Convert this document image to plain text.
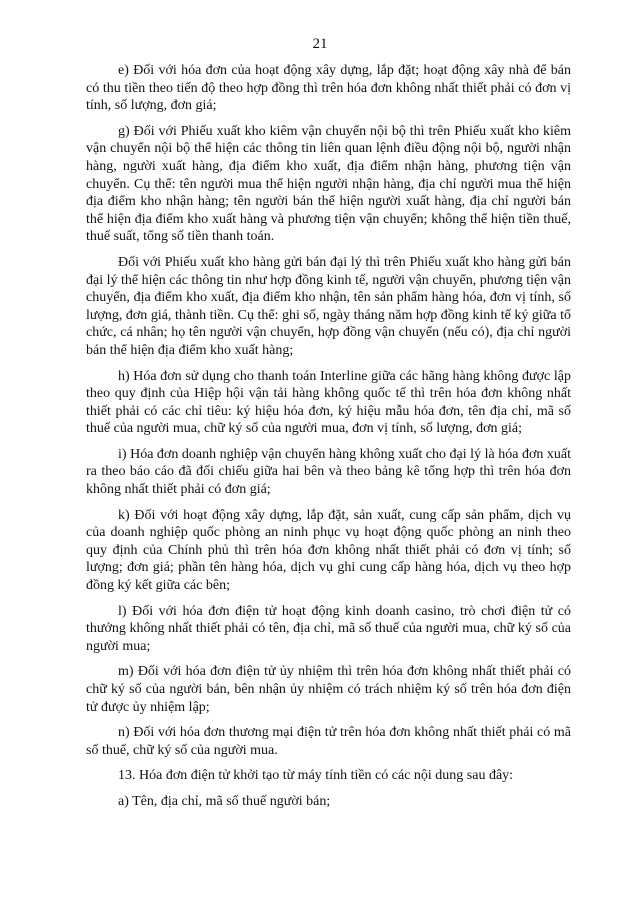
21

e) Đối với hóa đơn của hoạt động xây dựng, lắp đặt; hoạt động xây nhà để bán có thu tiền theo tiến độ theo hợp đồng thì trên hóa đơn không nhất thiết phải có đơn vị tính, số lượng, đơn giá;

g) Đối với Phiếu xuất kho kiêm vận chuyển nội bộ thì trên Phiếu xuất kho kiêm vận chuyển nội bộ thể hiện các thông tin liên quan lệnh điều động nội bộ, người nhận hàng, người xuất hàng, địa điểm kho xuất, địa điểm nhận hàng, phương tiện vận chuyển. Cụ thể: tên người mua thể hiện người nhận hàng, địa chỉ người mua thể hiện địa điểm kho nhận hàng; tên người bán thể hiện người xuất hàng, địa chỉ người bán thể hiện địa điểm kho xuất hàng và phương tiện vận chuyển; không thể hiện tiền thuế, thuế suất, tổng số tiền thanh toán.

Đối với Phiếu xuất kho hàng gửi bán đại lý thì trên Phiếu xuất kho hàng gửi bán đại lý thể hiện các thông tin như hợp đồng kinh tế, người vận chuyển, phương tiện vận chuyển, địa điểm kho xuất, địa điểm kho nhận, tên sản phẩm hàng hóa, đơn vị tính, số lượng, đơn giá, thành tiền. Cụ thể: ghi số, ngày tháng năm hợp đồng kinh tế ký giữa tổ chức, cá nhân; họ tên người vận chuyển, hợp đồng vận chuyển (nếu có), địa chỉ người bán thể hiện địa điểm kho xuất hàng;

h) Hóa đơn sử dụng cho thanh toán Interline giữa các hãng hàng không được lập theo quy định của Hiệp hội vận tải hàng không quốc tế thì trên hóa đơn không nhất thiết phải có các chỉ tiêu: ký hiệu hóa đơn, ký hiệu mẫu hóa đơn, tên địa chỉ, mã số thuế của người mua, chữ ký số của người mua, đơn vị tính, số lượng, đơn giá;

i) Hóa đơn doanh nghiệp vận chuyển hàng không xuất cho đại lý là hóa đơn xuất ra theo báo cáo đã đối chiếu giữa hai bên và theo bảng kê tổng hợp thì trên hóa đơn không nhất thiết phải có đơn giá;

k) Đối với hoạt động xây dựng, lắp đặt, sản xuất, cung cấp sản phẩm, dịch vụ của doanh nghiệp quốc phòng an ninh phục vụ hoạt động quốc phòng an ninh theo quy định của Chính phủ thì trên hóa đơn không nhất thiết phải có đơn vị tính; số lượng; đơn giá; phần tên hàng hóa, dịch vụ ghi cung cấp hàng hóa, dịch vụ theo hợp đồng ký kết giữa các bên;

l) Đối với hóa đơn điện tử hoạt động kinh doanh casino, trò chơi điện tử có thưởng không nhất thiết phải có tên, địa chỉ, mã số thuế của người mua, chữ ký số của người mua;

m) Đối với hóa đơn điện tử ủy nhiệm thì trên hóa đơn không nhất thiết phải có chữ ký số của người bán, bên nhận ủy nhiệm có trách nhiệm ký số trên hóa đơn điện tử được ủy nhiệm lập;

n) Đối với hóa đơn thương mại điện tử trên hóa đơn không nhất thiết phải có mã số thuế, chữ ký số của người mua.

13. Hóa đơn điện tử khởi tạo từ máy tính tiền có các nội dung sau đây:

a) Tên, địa chỉ, mã số thuế người bán;
